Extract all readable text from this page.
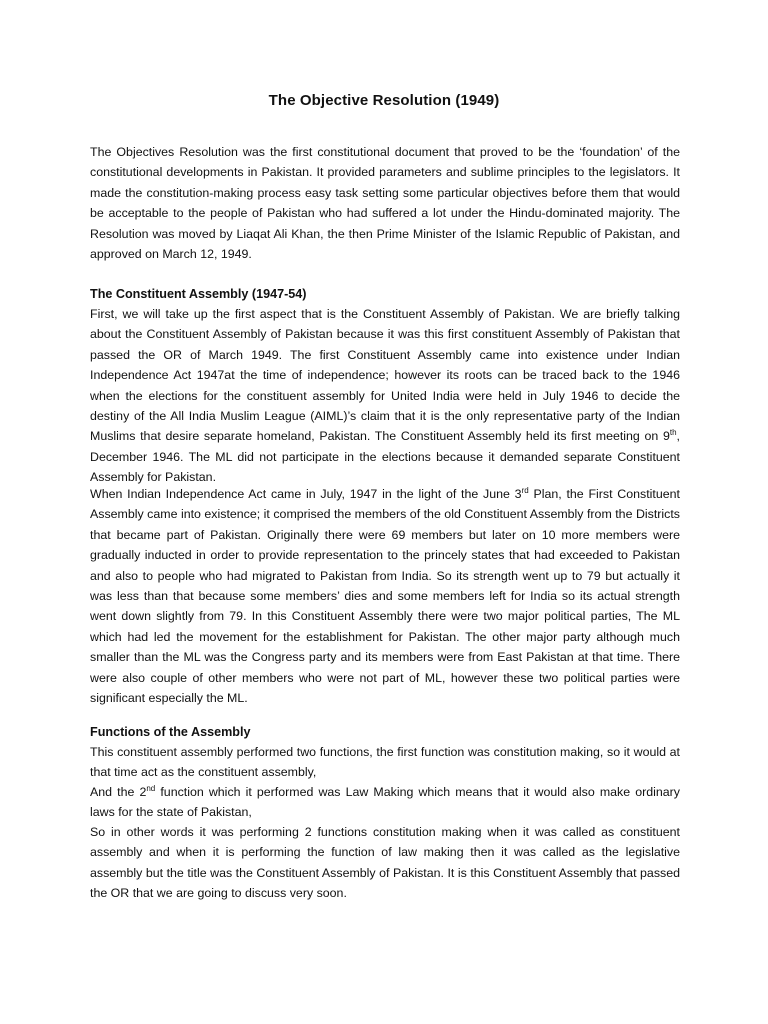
The Objective Resolution (1949)

The Objectives Resolution was the first constitutional document that proved to be the ‘foundation’ of the constitutional developments in Pakistan. It provided parameters and sublime principles to the legislators. It made the constitution-making process easy task setting some particular objectives before them that would be acceptable to the people of Pakistan who had suffered a lot under the Hindu-dominated majority. The Resolution was moved by Liaqat Ali Khan, the then Prime Minister of the Islamic Republic of Pakistan, and approved on March 12, 1949.

The Constituent Assembly (1947-54)

First, we will take up the first aspect that is the Constituent Assembly of Pakistan. We are briefly talking about the Constituent Assembly of Pakistan because it was this first constituent Assembly of Pakistan that passed the OR of March 1949. The first Constituent Assembly came into existence under Indian Independence Act 1947at the time of independence; however its roots can be traced back to the 1946 when the elections for the constituent assembly for United India were held in July 1946 to decide the destiny of the All India Muslim League (AIML)’s claim that it is the only representative party of the Indian Muslims that desire separate homeland, Pakistan. The Constituent Assembly held its first meeting on 9th, December 1946. The ML did not participate in the elections because it demanded separate Constituent Assembly for Pakistan.

When Indian Independence Act came in July, 1947 in the light of the June 3rd Plan, the First Constituent Assembly came into existence; it comprised the members of the old Constituent Assembly from the Districts that became part of Pakistan. Originally there were 69 members but later on 10 more members were gradually inducted in order to provide representation to the princely states that had exceeded to Pakistan and also to people who had migrated to Pakistan from India. So its strength went up to 79 but actually it was less than that because some members’ dies and some members left for India so its actual strength went down slightly from 79. In this Constituent Assembly there were two major political parties, The ML which had led the movement for the establishment for Pakistan. The other major party although much smaller than the ML was the Congress party and its members were from East Pakistan at that time. There were also couple of other members who were not part of ML, however these two political parties were significant especially the ML.

Functions of the Assembly

This constituent assembly performed two functions, the first function was constitution making, so it would at that time act as the constituent assembly,

And the 2nd function which it performed was Law Making which means that it would also make ordinary laws for the state of Pakistan,

So in other words it was performing 2 functions constitution making when it was called as constituent assembly and when it is performing the function of law making then it was called as the legislative assembly but the title was the Constituent Assembly of Pakistan. It is this Constituent Assembly that passed the OR that we are going to discuss very soon.
